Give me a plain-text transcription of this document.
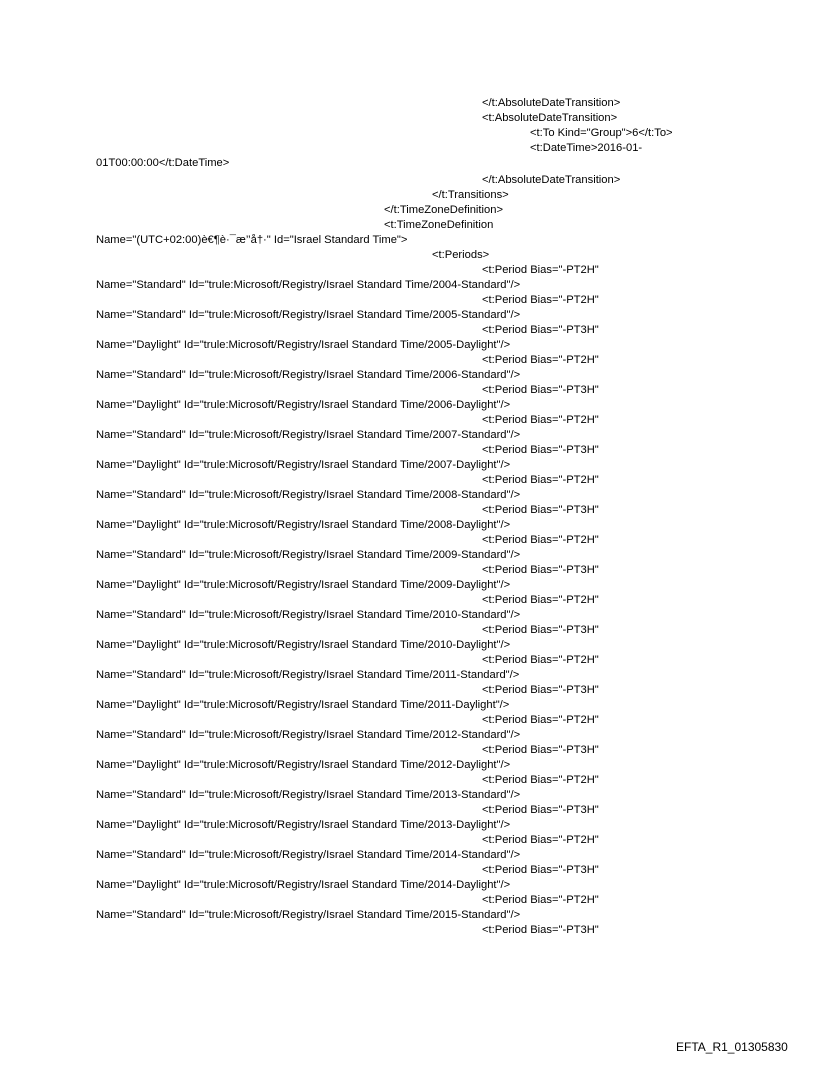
</t:AbsoluteDateTransition>
<t:AbsoluteDateTransition>
<t:To Kind="Group">6</t:To>
<t:DateTime>2016-01-
01T00:00:00</t:DateTime>
</t:AbsoluteDateTransition>
</t:Transitions>
</t:TimeZoneDefinition>
<t:TimeZoneDefinition
Name="(UTC+02:00)è€¶è·¯æ’’å†·" Id="Israel Standard Time">
<t:Periods>
<t:Period Bias="-PT2H"
Name="Standard" Id="trule:Microsoft/Registry/Israel Standard Time/2004-Standard"/>
<t:Period Bias="-PT2H"
Name="Standard" Id="trule:Microsoft/Registry/Israel Standard Time/2005-Standard"/>
<t:Period Bias="-PT3H"
Name="Daylight" Id="trule:Microsoft/Registry/Israel Standard Time/2005-Daylight"/>
<t:Period Bias="-PT2H"
Name="Standard" Id="trule:Microsoft/Registry/Israel Standard Time/2006-Standard"/>
<t:Period Bias="-PT3H"
Name="Daylight" Id="trule:Microsoft/Registry/Israel Standard Time/2006-Daylight"/>
<t:Period Bias="-PT2H"
Name="Standard" Id="trule:Microsoft/Registry/Israel Standard Time/2007-Standard"/>
<t:Period Bias="-PT3H"
Name="Daylight" Id="trule:Microsoft/Registry/Israel Standard Time/2007-Daylight"/>
<t:Period Bias="-PT2H"
Name="Standard" Id="trule:Microsoft/Registry/Israel Standard Time/2008-Standard"/>
<t:Period Bias="-PT3H"
Name="Daylight" Id="trule:Microsoft/Registry/Israel Standard Time/2008-Daylight"/>
<t:Period Bias="-PT2H"
Name="Standard" Id="trule:Microsoft/Registry/Israel Standard Time/2009-Standard"/>
<t:Period Bias="-PT3H"
Name="Daylight" Id="trule:Microsoft/Registry/Israel Standard Time/2009-Daylight"/>
<t:Period Bias="-PT2H"
Name="Standard" Id="trule:Microsoft/Registry/Israel Standard Time/2010-Standard"/>
<t:Period Bias="-PT3H"
Name="Daylight" Id="trule:Microsoft/Registry/Israel Standard Time/2010-Daylight"/>
<t:Period Bias="-PT2H"
Name="Standard" Id="trule:Microsoft/Registry/Israel Standard Time/2011-Standard"/>
<t:Period Bias="-PT3H"
Name="Daylight" Id="trule:Microsoft/Registry/Israel Standard Time/2011-Daylight"/>
<t:Period Bias="-PT2H"
Name="Standard" Id="trule:Microsoft/Registry/Israel Standard Time/2012-Standard"/>
<t:Period Bias="-PT3H"
Name="Daylight" Id="trule:Microsoft/Registry/Israel Standard Time/2012-Daylight"/>
<t:Period Bias="-PT2H"
Name="Standard" Id="trule:Microsoft/Registry/Israel Standard Time/2013-Standard"/>
<t:Period Bias="-PT3H"
Name="Daylight" Id="trule:Microsoft/Registry/Israel Standard Time/2013-Daylight"/>
<t:Period Bias="-PT2H"
Name="Standard" Id="trule:Microsoft/Registry/Israel Standard Time/2014-Standard"/>
<t:Period Bias="-PT3H"
Name="Daylight" Id="trule:Microsoft/Registry/Israel Standard Time/2014-Daylight"/>
<t:Period Bias="-PT2H"
Name="Standard" Id="trule:Microsoft/Registry/Israel Standard Time/2015-Standard"/>
<t:Period Bias="-PT3H"
EFTA_R1_01305830
